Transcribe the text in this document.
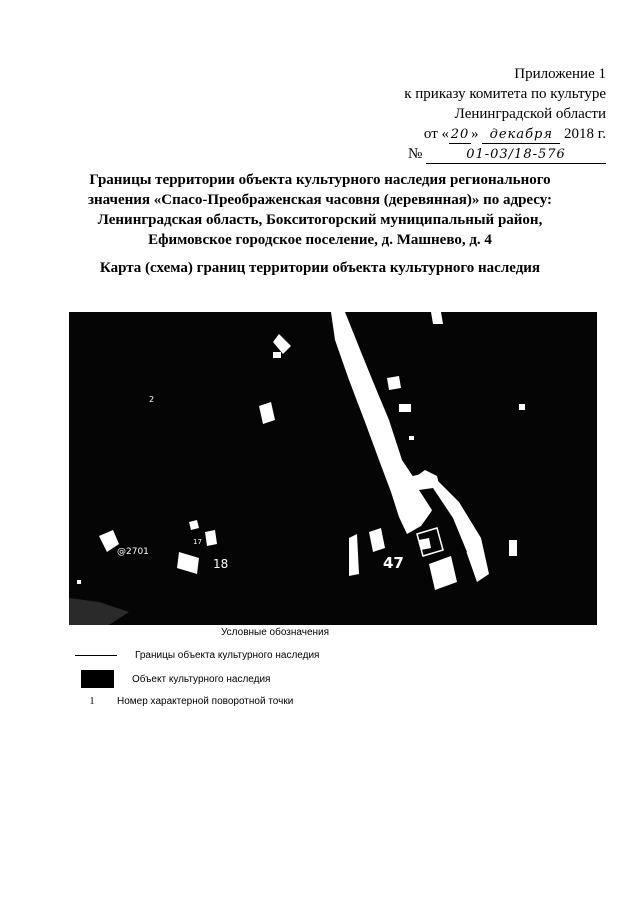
Приложение 1
к приказу комитета по культуре
Ленинградской области
от « 20 » декабря 2018 г.
№	01-03/18-576
Границы территории объекта культурного наследия регионального значения «Спасо-Преображенская часовня (деревянная)» по адресу: Ленинградская область, Бокситогорский муниципальный район, Ефимовское городское поселение, д. Машнево, д. 4
Карта (схема) границ территории объекта культурного наследия
@2701
18	47
2
17
Условные обозначения
Границы объекта культурного наследия
Объект культурного наследия
1	Номер характерной поворотной точки
